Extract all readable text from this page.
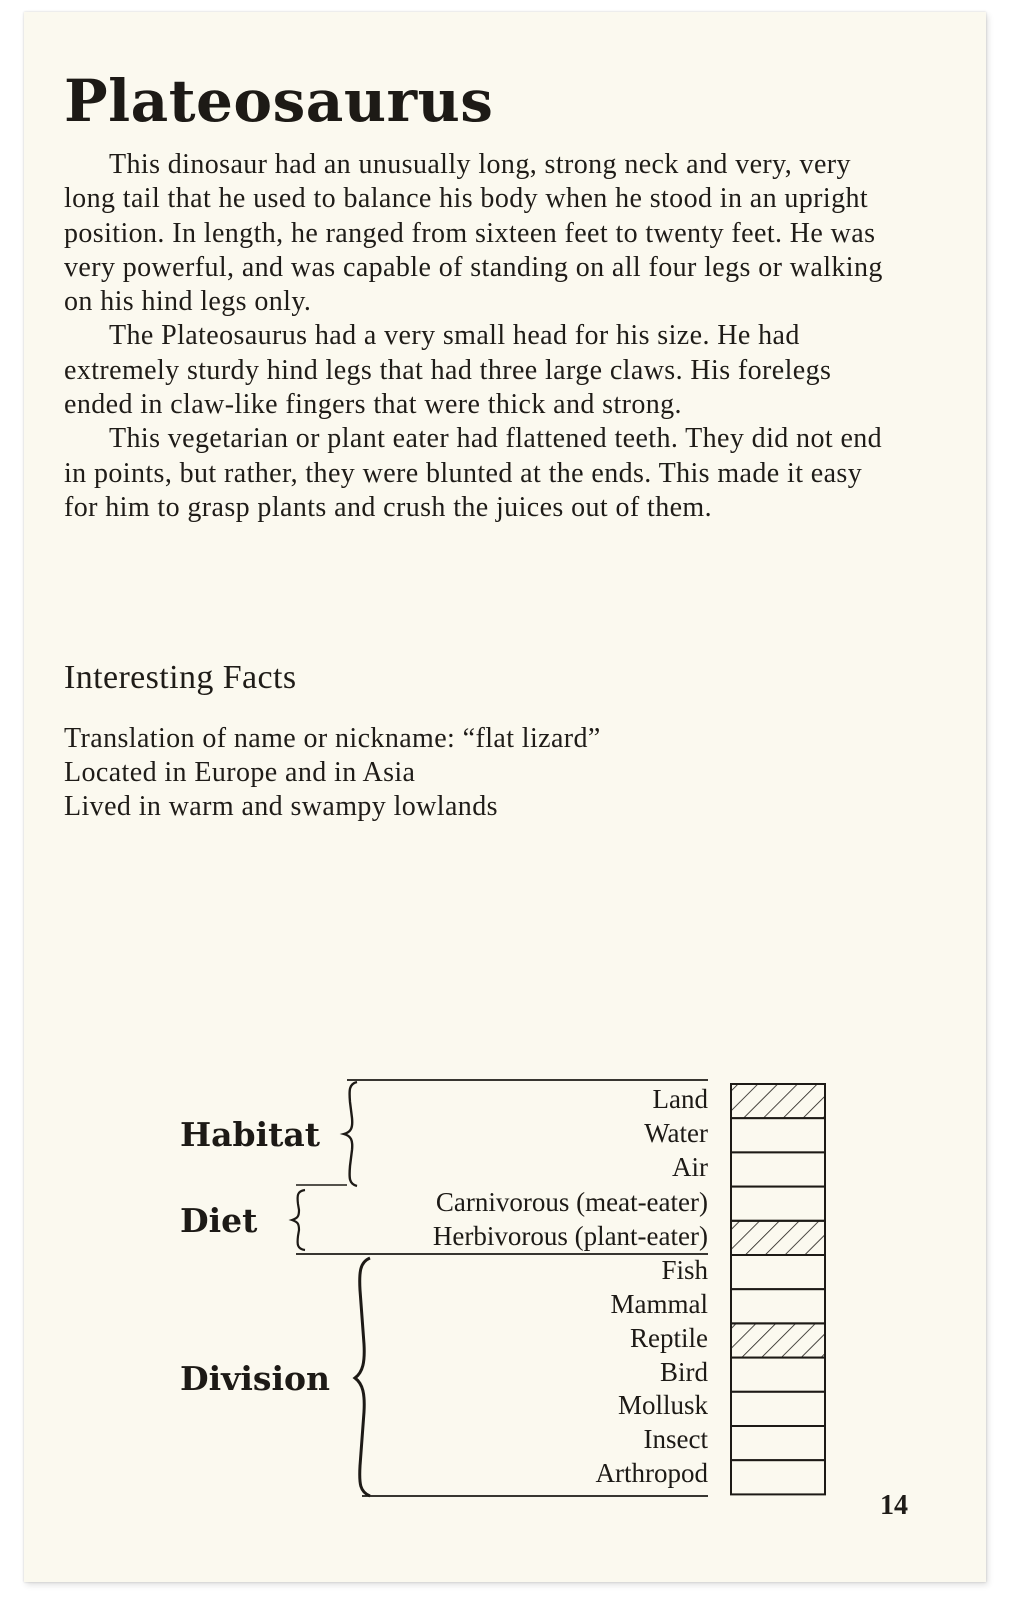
Plateosaurus

This dinosaur had an unusually long, strong neck and very, very long tail that he used to balance his body when he stood in an upright position. In length, he ranged from sixteen feet to twenty feet. He was very powerful, and was capable of standing on all four legs or walking on his hind legs only.

The Plateosaurus had a very small head for his size. He had extremely sturdy hind legs that had three large claws. His forelegs ended in claw-like fingers that were thick and strong.

This vegetarian or plant eater had flattened teeth. They did not end in points, but rather, they were blunted at the ends. This made it easy for him to grasp plants and crush the juices out of them.

Interesting Facts
Translation of name or nickname: “flat lizard”
Located in Europe and in Asia
Lived in warm and swampy lowlands
Habitat
Diet
Division
Land
Water
Air
Carnivorous (meat-eater)
Herbivorous (plant-eater)
Fish
Mammal
Reptile
Bird
Mollusk
Insect
Arthropod
14
